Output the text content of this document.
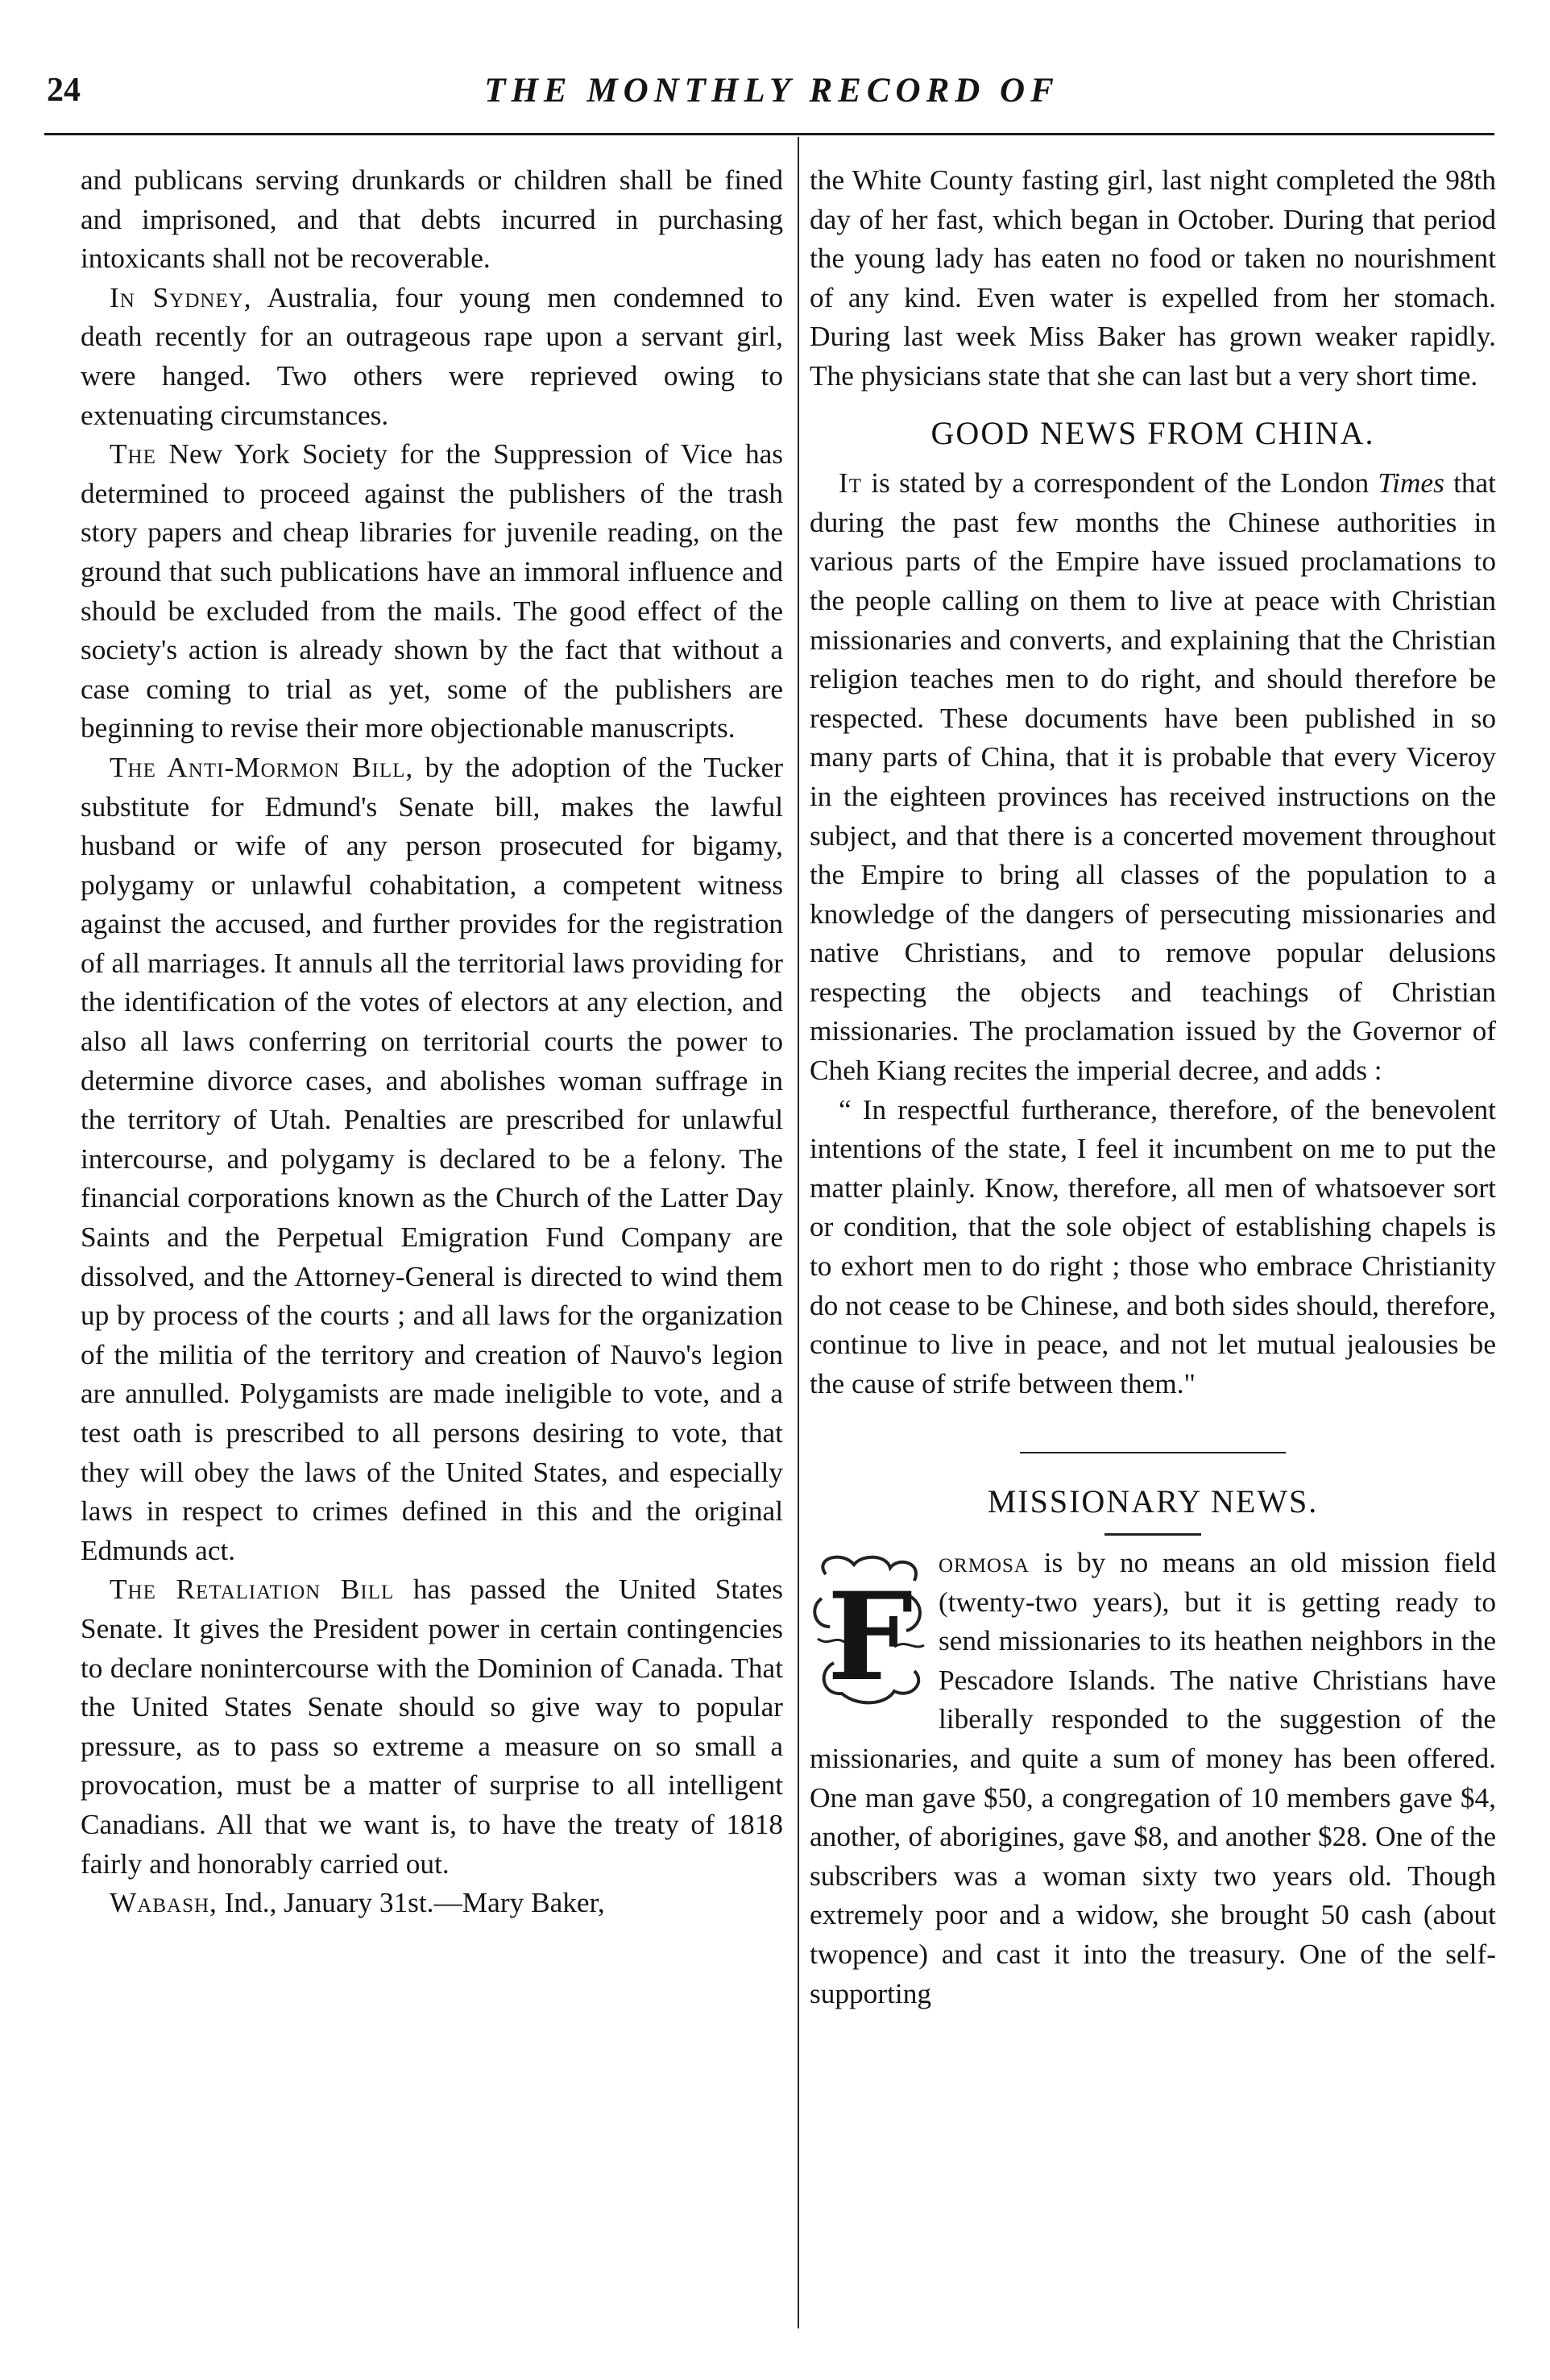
24	THE MONTHLY RECORD OF

and publicans serving drunkards or children shall be fined and imprisoned, and that debts incurred in purchasing intoxicants shall not be recoverable.

In Sydney, Australia, four young men condemned to death recently for an outrageous rape upon a servant girl, were hanged. Two others were reprieved owing to extenuating circumstances.

The New York Society for the Suppression of Vice has determined to proceed against the publishers of the trash story papers and cheap libraries for juvenile reading, on the ground that such publications have an immoral influence and should be excluded from the mails. The good effect of the society's action is already shown by the fact that without a case coming to trial as yet, some of the publishers are beginning to revise their more objectionable manuscripts.

The Anti-Mormon Bill, by the adoption of the Tucker substitute for Edmund's Senate bill, makes the lawful husband or wife of any person prosecuted for bigamy, polygamy or unlawful cohabitation, a competent witness against the accused, and further provides for the registration of all marriages. It annuls all the territorial laws providing for the identification of the votes of electors at any election, and also all laws conferring on territorial courts the power to determine divorce cases, and abolishes woman suffrage in the territory of Utah. Penalties are prescribed for unlawful intercourse, and polygamy is declared to be a felony. The financial corporations known as the Church of the Latter Day Saints and the Perpetual Emigration Fund Company are dissolved, and the Attorney-General is directed to wind them up by process of the courts ; and all laws for the organization of the militia of the territory and creation of Nauvo's legion are annulled. Polygamists are made ineligible to vote, and a test oath is prescribed to all persons desiring to vote, that they will obey the laws of the United States, and especially laws in respect to crimes defined in this and the original Edmunds act.

The Retaliation Bill has passed the United States Senate. It gives the President power in certain contingencies to declare nonintercourse with the Dominion of Canada. That the United States Senate should so give way to popular pressure, as to pass so extreme a measure on so small a provocation, must be a matter of surprise to all intelligent Canadians. All that we want is, to have the treaty of 1818 fairly and honorably carried out.

Wabash, Ind., January 31st.—Mary Baker,

the White County fasting girl, last night completed the 98th day of her fast, which began in October. During that period the young lady has eaten no food or taken no nourishment of any kind. Even water is expelled from her stomach. During last week Miss Baker has grown weaker rapidly. The physicians state that she can last but a very short time.

GOOD NEWS FROM CHINA.

It is stated by a correspondent of the London Times that during the past few months the Chinese authorities in various parts of the Empire have issued proclamations to the people calling on them to live at peace with Christian missionaries and converts, and explaining that the Christian religion teaches men to do right, and should therefore be respected. These documents have been published in so many parts of China, that it is probable that every Viceroy in the eighteen provinces has received instructions on the subject, and that there is a concerted movement throughout the Empire to bring all classes of the population to a knowledge of the dangers of persecuting missionaries and native Christians, and to remove popular delusions respecting the objects and teachings of Christian missionaries. The proclamation issued by the Governor of Cheh Kiang recites the imperial decree, and adds :

“ In respectful furtherance, therefore, of the benevolent intentions of the state, I feel it incumbent on me to put the matter plainly. Know, therefore, all men of whatsoever sort or condition, that the sole object of establishing chapels is to exhort men to do right ; those who embrace Christianity do not cease to be Chinese, and both sides should, therefore, continue to live in peace, and not let mutual jealousies be the cause of strife between them."

MISSIONARY NEWS.

F
ormosa is by no means an old mission field (twenty-two years), but it is getting ready to send missionaries to its heathen neighbors in the Pescadore Islands. The native Christians have liberally responded to the suggestion of the missionaries, and quite a sum of money has been offered. One man gave $50, a congregation of 10 members gave $4, another, of aborigines, gave $8, and another $28. One of the subscribers was a woman sixty two years old. Though extremely poor and a widow, she brought 50 cash (about twopence) and cast it into the treasury. One of the self-supporting
